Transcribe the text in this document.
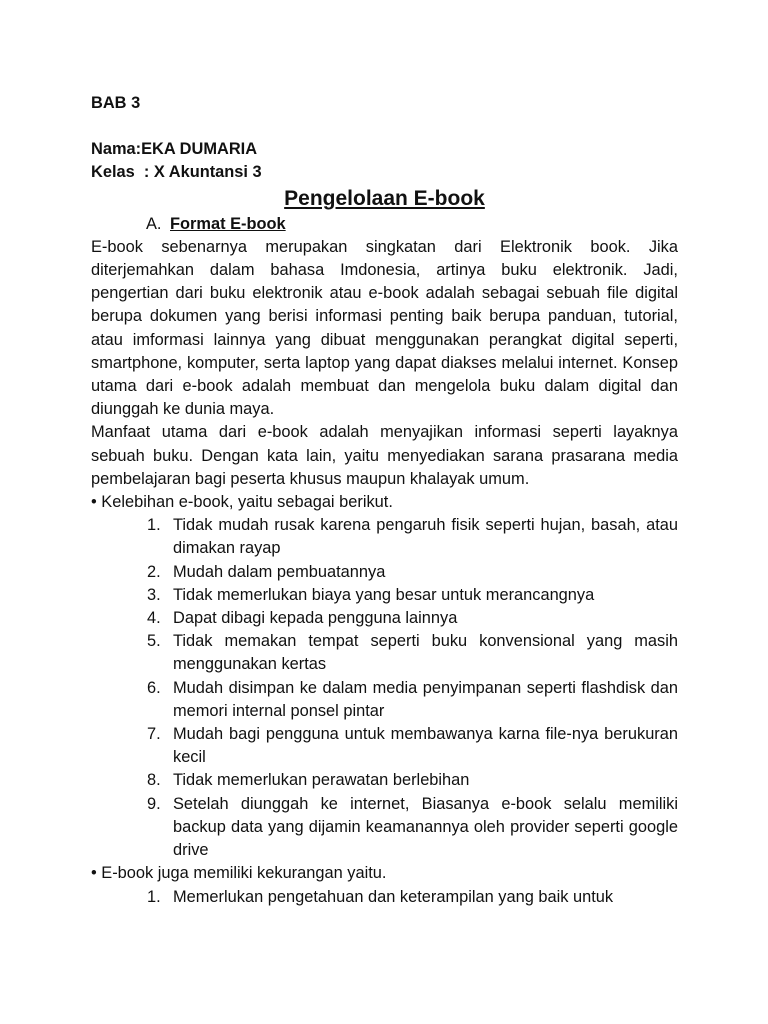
BAB 3
Nama:EKA DUMARIA
Kelas  : X Akuntansi 3
Pengelolaan E-book
A. Format E-book

E-book sebenarnya merupakan singkatan dari Elektronik book. Jika diterjemahkan dalam bahasa Imdonesia, artinya buku elektronik. Jadi, pengertian dari buku elektronik atau e-book adalah sebagai sebuah file digital berupa dokumen yang berisi informasi penting baik berupa panduan, tutorial, atau imformasi lainnya yang dibuat menggunakan perangkat digital seperti, smartphone, komputer, serta laptop yang dapat diakses melalui internet. Konsep utama dari e-book adalah membuat dan mengelola buku dalam digital dan diunggah ke dunia maya.

Manfaat utama dari e-book adalah menyajikan informasi seperti layaknya sebuah buku. Dengan kata lain, yaitu menyediakan sarana prasarana media pembelajaran bagi peserta khusus maupun khalayak umum.

• Kelebihan e-book, yaitu sebagai berikut.

1. Tidak mudah rusak karena pengaruh fisik seperti hujan, basah, atau dimakan rayap
2. Mudah dalam pembuatannya
3. Tidak memerlukan biaya yang besar untuk merancangnya
4. Dapat dibagi kepada pengguna lainnya
5. Tidak memakan tempat seperti buku konvensional yang masih menggunakan kertas
6. Mudah disimpan ke dalam media penyimpanan seperti flashdisk dan memori internal ponsel pintar
7. Mudah bagi pengguna untuk membawanya karna file-nya berukuran kecil
8. Tidak memerlukan perawatan berlebihan
9. Setelah diunggah ke internet, Biasanya e-book selalu memiliki backup data yang dijamin keamanannya oleh provider seperti google drive

• E-book juga memiliki kekurangan yaitu.

1. Memerlukan pengetahuan dan keterampilan yang baik untuk
